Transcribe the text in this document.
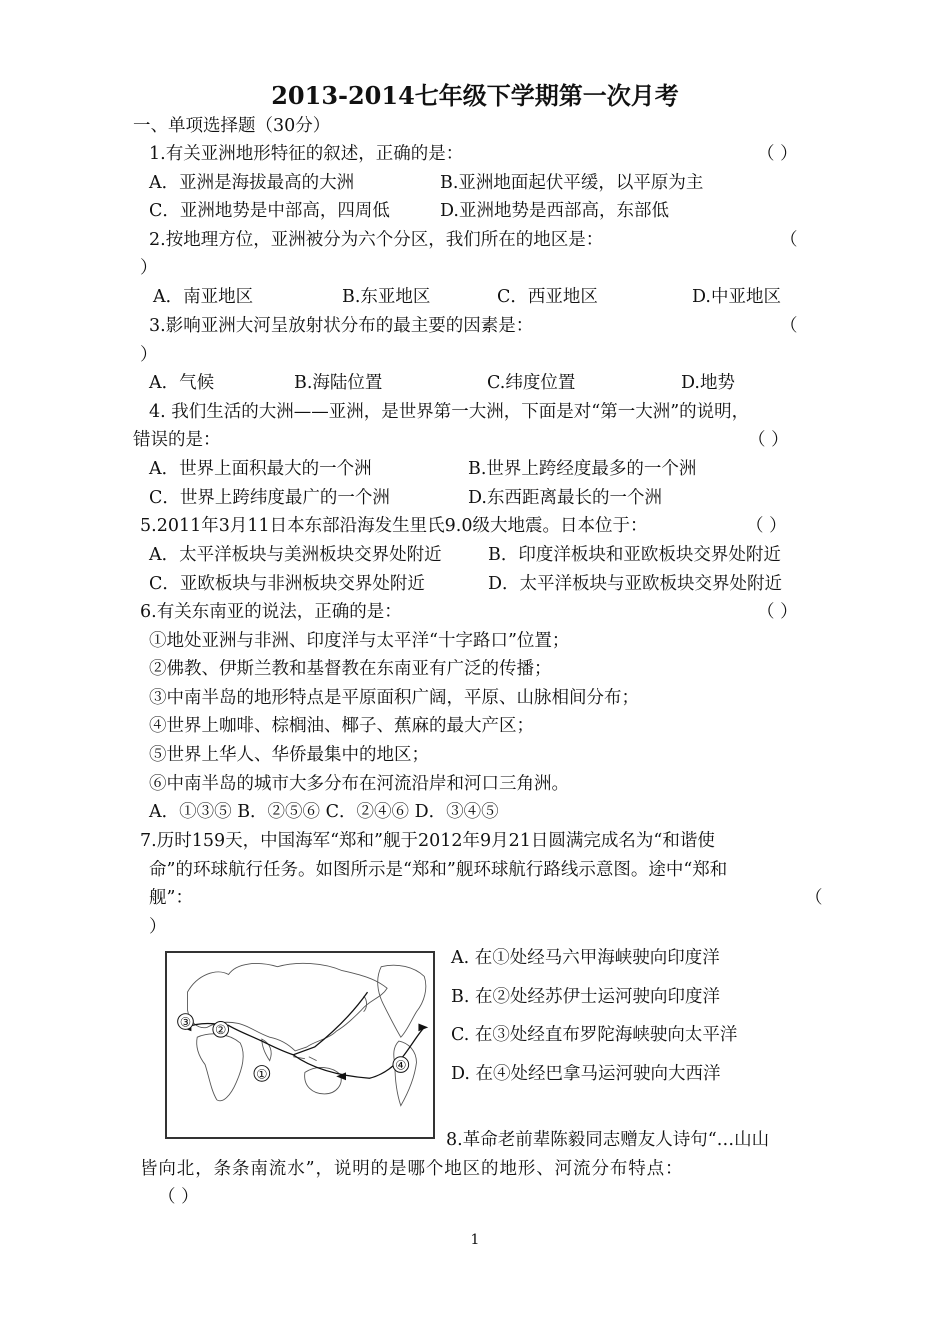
2013-2014七年级下学期第一次月考
一、单项选择题（30分）
1.有关亚洲地形特征的叙述，正确的是：	（ ）
A．亚洲是海拔最高的大洲	B.亚洲地面起伏平缓，以平原为主
C．亚洲地势是中部高，四周低	D.亚洲地势是西部高，东部低
2.按地理方位，亚洲被分为六个分区，我们所在的地区是：	（
）
A．南亚地区	B.东亚地区	C．西亚地区	D.中亚地区
3.影响亚洲大河呈放射状分布的最主要的因素是：	（
）
A．气候	B.海陆位置	C.纬度位置	D.地势
4. 我们生活的大洲——亚洲，是世界第一大洲，下面是对“第一大洲”的说明，
错误的是：	（ ）
A．世界上面积最大的一个洲	B.世界上跨经度最多的一个洲
C．世界上跨纬度最广的一个洲	D.东西距离最长的一个洲
5.2011年3月11日本东部沿海发生里氏9.0级大地震。日本位于：	（ ）
A．太平洋板块与美洲板块交界处附近	B．印度洋板块和亚欧板块交界处附近
C．亚欧板块与非洲板块交界处附近	D．太平洋板块与亚欧板块交界处附近
6.有关东南亚的说法，正确的是：	（ ）
①地处亚洲与非洲、印度洋与太平洋“十字路口”位置；
②佛教、伊斯兰教和基督教在东南亚有广泛的传播；
③中南半岛的地形特点是平原面积广阔，平原、山脉相间分布；
④世界上咖啡、棕榈油、椰子、蕉麻的最大产区；
⑤世界上华人、华侨最集中的地区；
⑥中南半岛的城市大多分布在河流沿岸和河口三角洲。
A．①③⑤ B．②⑤⑥ C．②④⑥ D．③④⑤
7.历时159天，中国海军“郑和”舰于2012年9月21日圆满完成名为“和谐使
命”的环球航行任务。如图所示是“郑和”舰环球航行路线示意图。途中“郑和
舰”：	（
）
①
②
③
④
A. 在①处经马六甲海峡驶向印度洋
B. 在②处经苏伊士运河驶向印度洋
C. 在③处经直布罗陀海峡驶向太平洋
D. 在④处经巴拿马运河驶向大西洋
8.革命老前辈陈毅同志赠友人诗句“…山山
皆向北，条条南流水”，说明的是哪个地区的地形、河流分布特点：
（ ）
1
